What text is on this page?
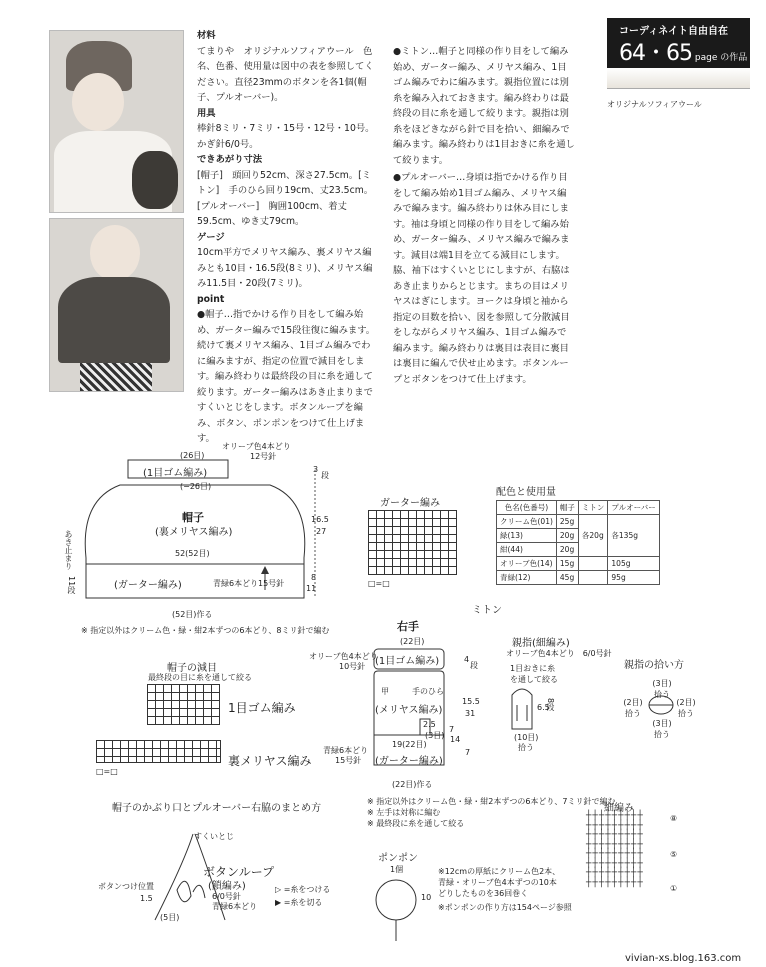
材料

てまりや　オリジナルソフィアウール　色名、色番、使用量は図中の表を参照してください。直径23mmのボタンを各1個(帽子、プルオーバー)。

用具

棒針8ミリ・7ミリ・15号・12号・10号。かぎ針6/0号。

できあがり寸法

[帽子]　頭回り52cm、深さ27.5cm。[ミトン]　手のひら回り19cm、丈23.5cm。[プルオーバー]　胸囲100cm、着丈59.5cm、ゆき丈79cm。

ゲージ

10cm平方でメリヤス編み、裏メリヤス編みとも10目・16.5段(8ミリ)、メリヤス編み11.5目・20段(7ミリ)。

point

●帽子…指でかける作り目をして編み始め、ガーター編みで15段往復に編みます。続けて裏メリヤス編み、1目ゴム編みでわに編みますが、指定の位置で減目をします。編み終わりは最終段の目に糸を通して絞ります。ガーター編みはあき止まりまですくいとじをします。ボタンループを編み、ボタン、ポンポンをつけて仕上げます。

●ミトン…帽子と同様の作り目をして編み始め、ガーター編み、メリヤス編み、1目ゴム編みでわに編みます。親指位置には別糸を編み入れておきます。編み終わりは最終段の目に糸を通して絞ります。親指は別糸をほどきながら針で目を拾い、細編みで編みます。編み終わりは1目おきに糸を通して絞ります。

●プルオーバー…身頃は指でかける作り目をして編み始め1目ゴム編み、メリヤス編みで編みます。編み終わりは休み目にします。袖は身頃と同様の作り目をして編み始め、ガーター編み、メリヤス編みで編みます。減目は端1目を立てる減目にします。脇、袖下はすくいとじにしますが、右脇はあき止まりからとじます。まちの目はメリヤスはぎにします。ヨークは身頃と袖から指定の目数を拾い、図を参照して分散減目をしながらメリヤス編み、1目ゴム編みで編みます。編み終わりは裏目は表目に裏目は裏目に編んで伏せ止めます。ボタンループとボタンをつけて仕上げます。

コーディネイト自由自在
64・65 page の作品 ★★
オリジナルソフィアウール
オリーブ色4本どり
12号針
(26目)
(1目ゴム編み)
(−26目)
3
段
16.5
27
帽子
(裏メリヤス編み)
あき止まり
11段
52(52目)
(ガーター編み)	青緑6本どり 15号針
8
11
(52目)作る
※ 指定以外はクリーム色・緑・紺2本ずつの6本どり、8ミリ針で編む
ガーター編み
□=□
配色と使用量
色名(色番号)	帽子	ミトン	プルオーバー
クリーム色(01)	25g	各20g	各135g
緑(13)	20g		
紺(44)	20g		
オリーブ色(14)	15g		105g
青緑(12)	45g		95g
ミトン
右手
(22目)
オリーブ色4本どり
10号針 (1目ゴム編み)	4
段
甲	手のひら
(メリヤス編み)
15.5
31
2.5
(3目)
7
14
19(22目)
(ガーター編み)
青緑6本どり
15号針
7
(22目)作る
※ 指定以外はクリーム色・緑・紺2本ずつの6本どり、7ミリ針で編む
※ 左手は対称に編む
※ 最終段に糸を通して絞る
親指(細編み)
オリーブ色4本どり　6/0号針
1目おきに糸を通して絞る
6.5
8段
(10目)
拾う
親指の拾い方
(3目)拾う
(2目)拾う
(2目)拾う
(3目)拾う
帽子の減目
最終段の目に糸を通して絞る
1目ゴム編み
裏メリヤス編み
□=□
帽子のかぶり口とプルオーバー右脇のまとめ方
すくいとじ
ボタンつけ位置
1.5
(5目)
ボタンループ
(鎖編み)
6/0号針
青緑6本どり
▷ =糸をつける
▶ =糸を切る
ポンポン
1個
10
※12cmの厚紙にクリーム色2本、青緑・オリーブ色4本ずつの10本どりしたものを36回巻く
※ポンポンの作り方は154ページ参照
細編み
┼┼┼┼┼┼┼┼┼
┼┼┼┼┼┼┼┼┼
┼┼┼┼┼┼┼┼┼
┼┼┼┼┼┼┼┼┼
┼┼┼┼┼┼┼┼┼
┼┼┼┼┼┼┼┼┼
┼┼┼┼┼┼┼┼┼
┼┼┼┼┼┼┼┼┼
⑧
⑤
①
vivian-xs.blog.163.com
